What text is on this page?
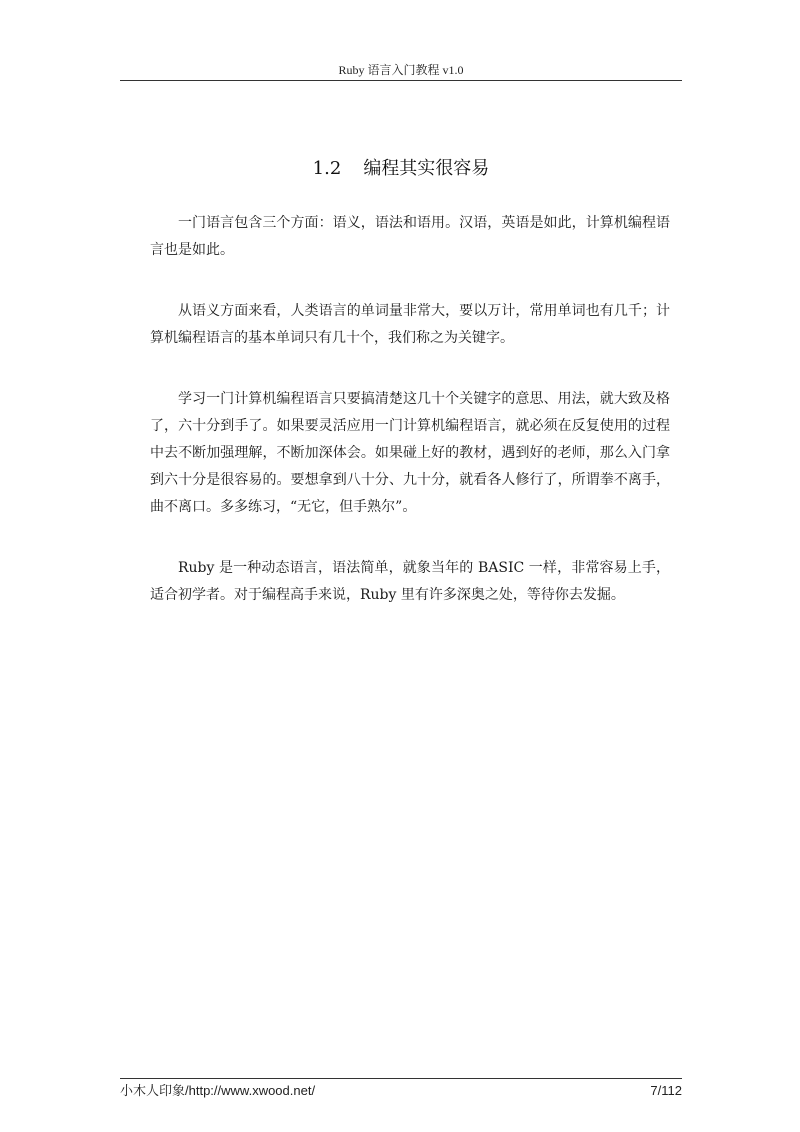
Ruby 语言入门教程 v1.0
1.2 编程其实很容易

一门语言包含三个方面：语义，语法和语用。汉语，英语是如此，计算机编程语言也是如此。

从语义方面来看，人类语言的单词量非常大，要以万计，常用单词也有几千；计算机编程语言的基本单词只有几十个，我们称之为关键字。

学习一门计算机编程语言只要搞清楚这几十个关键字的意思、用法，就大致及格了，六十分到手了。如果要灵活应用一门计算机编程语言，就必须在反复使用的过程中去不断加强理解，不断加深体会。如果碰上好的教材，遇到好的老师，那么入门拿到六十分是很容易的。要想拿到八十分、九十分，就看各人修行了，所谓拳不离手，曲不离口。多多练习，“无它，但手熟尔”。

Ruby 是一种动态语言，语法简单，就象当年的 BASIC 一样，非常容易上手，适合初学者。对于编程高手来说，Ruby 里有许多深奥之处，等待你去发掘。

小木人印象/http://www.xwood.net/	7/112
